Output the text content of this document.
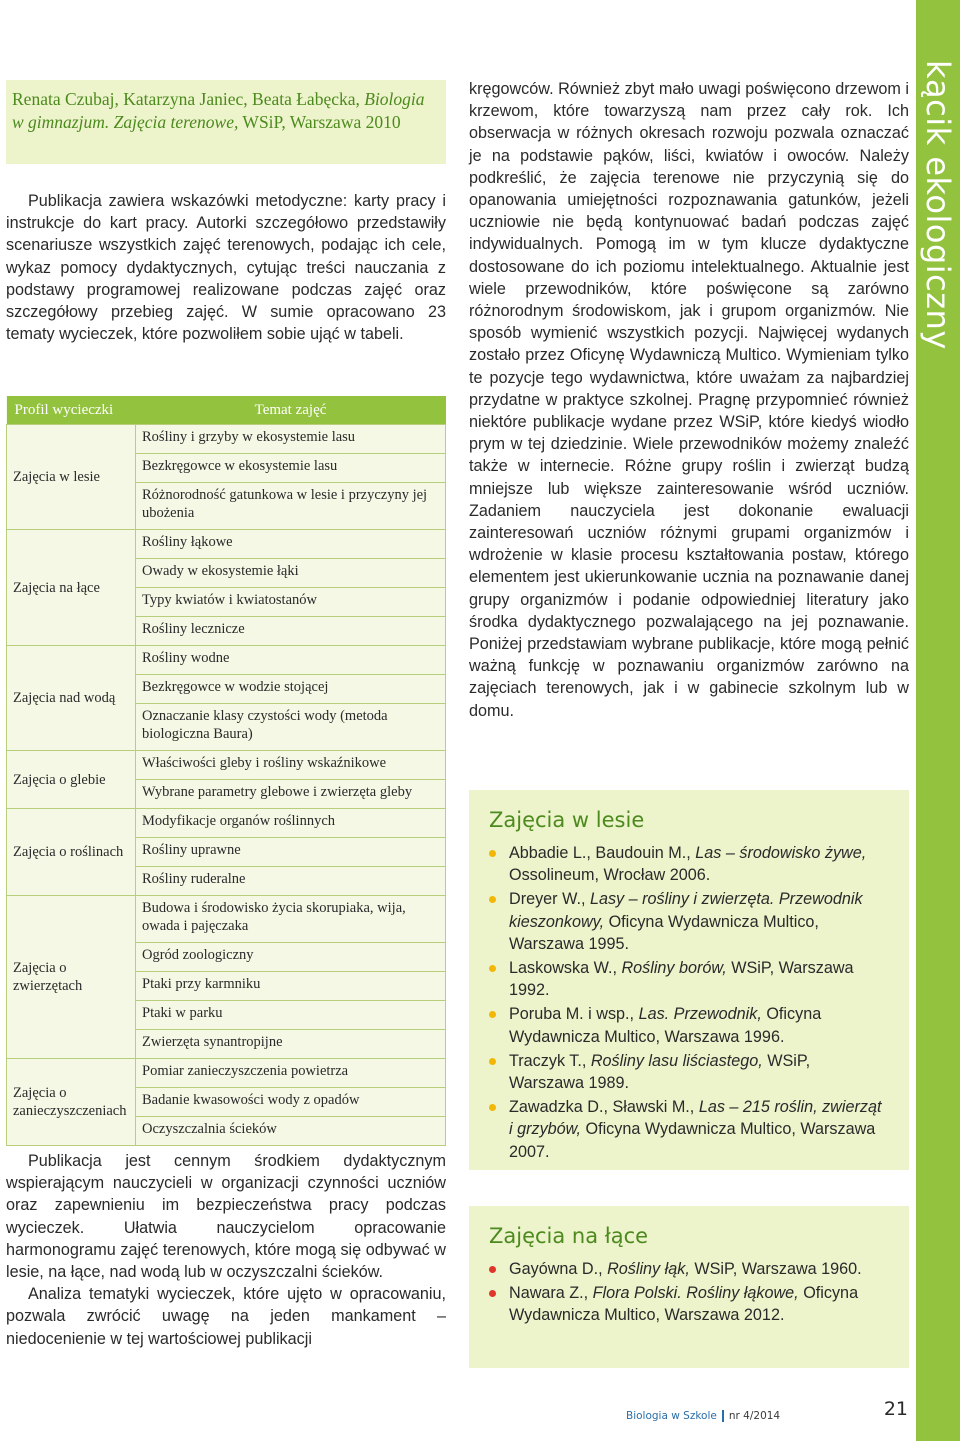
kącik ekologiczny
Renata Czubaj, Katarzyna Janiec, Beata Łabęcka, Biologia w gimnazjum. Zajęcia terenowe, WSiP, Warszawa 2010

Publikacja zawiera wskazówki metodyczne: karty pracy i instrukcje do kart pracy. Autorki szczegółowo przedstawiły scenariusze wszystkich zajęć terenowych, podając ich cele, wykaz pomocy dydaktycznych, cytując treści nauczania z podstawy programowej realizowane podczas zajęć oraz szczegółowy przebieg zajęć. W sumie opracowano 23 tematy wycieczek, które pozwoliłem sobie ująć w tabeli.

Profil wycieczki	Temat zajęć
Zajęcia w lesie	Rośliny i grzyby w ekosystemie lasu
	Bezkręgowce w ekosystemie lasu
	Różnorodność gatunkowa w lesie i przyczyny jej ubożenia
Zajęcia na łące	Rośliny łąkowe
	Owady w ekosystemie łąki
	Typy kwiatów i kwiatostanów
	Rośliny lecznicze
Zajęcia nad wodą	Rośliny wodne
	Bezkręgowce w wodzie stojącej
	Oznaczanie klasy czystości wody (metoda biologiczna Baura)
Zajęcia o glebie	Właściwości gleby i rośliny wskaźnikowe
	Wybrane parametry glebowe i zwierzęta gleby
Zajęcia o roślinach	Modyfikacje organów roślinnych
	Rośliny uprawne
	Rośliny ruderalne
Zajęcia o zwierzętach	Budowa i środowisko życia skorupiaka, wija, owada i pajęczaka
	Ogród zoologiczny
	Ptaki przy karmniku
	Ptaki w parku
	Zwierzęta synantropijne
Zajęcia o zanieczyszczeniach	Pomiar zanieczyszczenia powietrza
	Badanie kwasowości wody z opadów
	Oczyszczalnia ścieków

Publikacja jest cennym środkiem dydaktycznym wspierającym nauczycieli w organizacji czynności uczniów oraz zapewnieniu im bezpieczeństwa pracy podczas wycieczek. Ułatwia nauczycielom opracowanie harmonogramu zajęć terenowych, które mogą się odbywać w lesie, na łące, nad wodą lub w oczyszczalni ścieków.

Analiza tematyki wycieczek, które ujęto w opracowaniu, pozwala zwrócić uwagę na jeden mankament – niedocenienie w tej wartościowej publikacji

kręgowców. Również zbyt mało uwagi poświęcono drzewom i krzewom, które towarzyszą nam przez cały rok. Ich obserwacja w różnych okresach rozwoju pozwala oznaczać je na podstawie pąków, liści, kwiatów i owoców. Należy podkreślić, że zajęcia terenowe nie przyczynią się do opanowania umiejętności rozpoznawania gatunków, jeżeli uczniowie nie będą kontynuować badań podczas zajęć indywidualnych. Pomogą im w tym klucze dydaktyczne dostosowane do ich poziomu intelektualnego. Aktualnie jest wiele przewodników, które poświęcone są zarówno różnorodnym środowiskom, jak i grupom organizmów. Nie sposób wymienić wszystkich pozycji. Najwięcej wydanych zostało przez Oficynę Wydawniczą Multico. Wymieniam tylko te pozycje tego wydawnictwa, które uważam za najbardziej przydatne w praktyce szkolnej. Pragnę przypomnieć również niektóre publikacje wydane przez WSiP, które kiedyś wiodło prym w tej dziedzinie. Wiele przewodników możemy znaleźć także w internecie. Różne grupy roślin i zwierząt budzą mniejsze lub większe zainteresowanie wśród uczniów. Zadaniem nauczyciela jest dokonanie ewaluacji zainteresowań uczniów różnymi grupami organizmów i wdrożenie w klasie procesu kształtowania postaw, którego elementem jest ukierunkowanie ucznia na poznawanie danej grupy organizmów i podanie odpowiedniej literatury jako środka dydaktycznego pozwalającego na jej poznawanie. Poniżej przedstawiam wybrane publikacje, które mogą pełnić ważną funkcję w poznawaniu organizmów zarówno na zajęciach terenowych, jak i w gabinecie szkolnym lub w domu.

Zajęcia w lesie
Abbadie L., Baudouin M., Las – środowisko żywe, Ossolineum, Wrocław 2006.
Dreyer W., Lasy – rośliny i zwierzęta. Przewodnik kieszonkowy, Oficyna Wydawnicza Multico, Warszawa 1995.
Laskowska W., Rośliny borów, WSiP, Warszawa 1992.
Poruba M. i wsp., Las. Przewodnik, Oficyna Wydawnicza Multico, Warszawa 1996.
Traczyk T., Rośliny lasu liściastego, WSiP, Warszawa 1989.
Zawadzka D., Sławski M., Las – 215 roślin, zwierząt i grzybów, Oficyna Wydawnicza Multico, Warszawa 2007.
Zajęcia na łące
Gayówna D., Rośliny łąk, WSiP, Warszawa 1960.
Nawara Z., Flora Polski. Rośliny łąkowe, Oficyna Wydawnicza Multico, Warszawa 2012.
Biologia w Szkole nr 4/2014	21
